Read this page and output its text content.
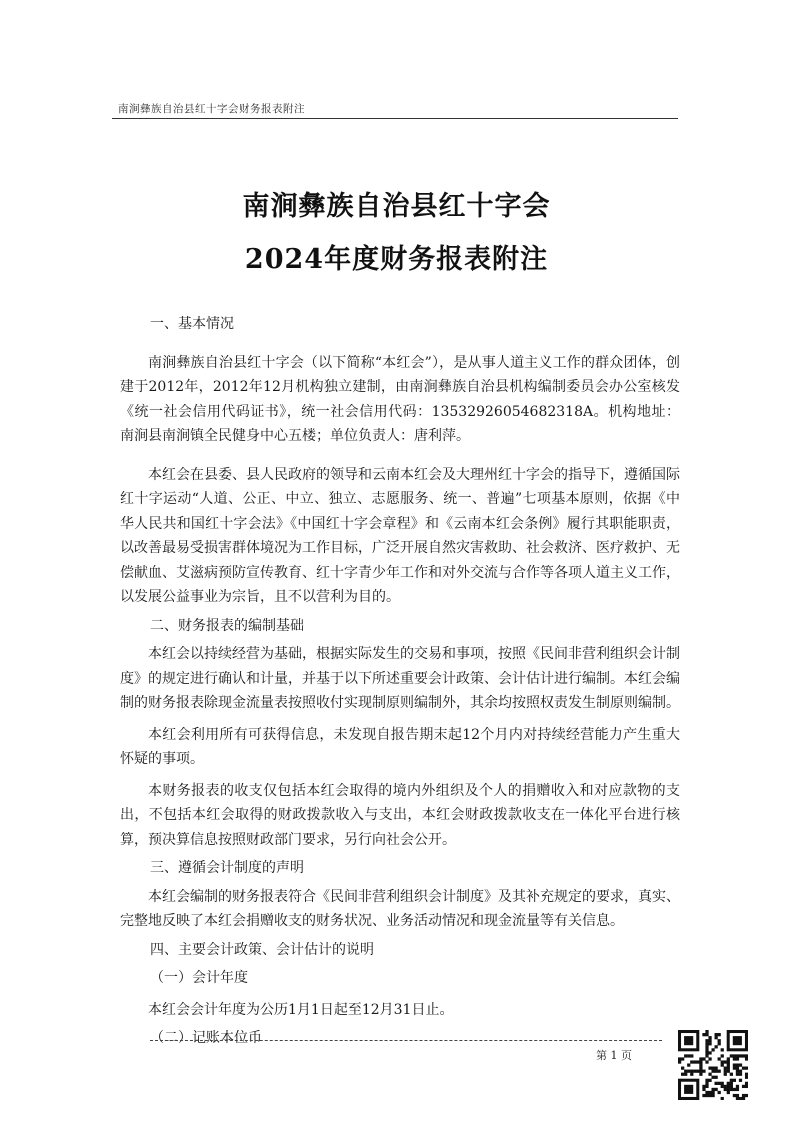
南涧彝族自治县红十字会财务报表附注
南涧彝族自治县红十字会
2024年度财务报表附注

一、基本情况

南涧彝族自治县红十字会（以下简称“本红会”），是从事人道主义工作的群众团体，创建于2012年，2012年12月机构独立建制，由南涧彝族自治县机构编制委员会办公室核发《统一社会信用代码证书》，统一社会信用代码：13532926054682318A。机构地址：南涧县南涧镇全民健身中心五楼；单位负责人：唐利萍。

本红会在县委、县人民政府的领导和云南本红会及大理州红十字会的指导下，遵循国际红十字运动“人道、公正、中立、独立、志愿服务、统一、普遍”七项基本原则，依据《中华人民共和国红十字会法》《中国红十字会章程》和《云南本红会条例》履行其职能职责，以改善最易受损害群体境况为工作目标，广泛开展自然灾害救助、社会救济、医疗救护、无偿献血、艾滋病预防宣传教育、红十字青少年工作和对外交流与合作等各项人道主义工作，以发展公益事业为宗旨，且不以营利为目的。

二、财务报表的编制基础

本红会以持续经营为基础，根据实际发生的交易和事项，按照《民间非营利组织会计制度》的规定进行确认和计量，并基于以下所述重要会计政策、会计估计进行编制。本红会编制的财务报表除现金流量表按照收付实现制原则编制外，其余均按照权责发生制原则编制。

本红会利用所有可获得信息，未发现自报告期末起12个月内对持续经营能力产生重大怀疑的事项。

本财务报表的收支仅包括本红会取得的境内外组织及个人的捐赠收入和对应款物的支出，不包括本红会取得的财政拨款收入与支出，本红会财政拨款收支在一体化平台进行核算，预决算信息按照财政部门要求，另行向社会公开。

三、遵循会计制度的声明

本红会编制的财务报表符合《民间非营利组织会计制度》及其补充规定的要求，真实、完整地反映了本红会捐赠收支的财务状况、业务活动情况和现金流量等有关信息。

四、主要会计政策、会计估计的说明

（一）会计年度

本红会会计年度为公历1月1日起至12月31日止。

（二）记账本位币

第 1 页
